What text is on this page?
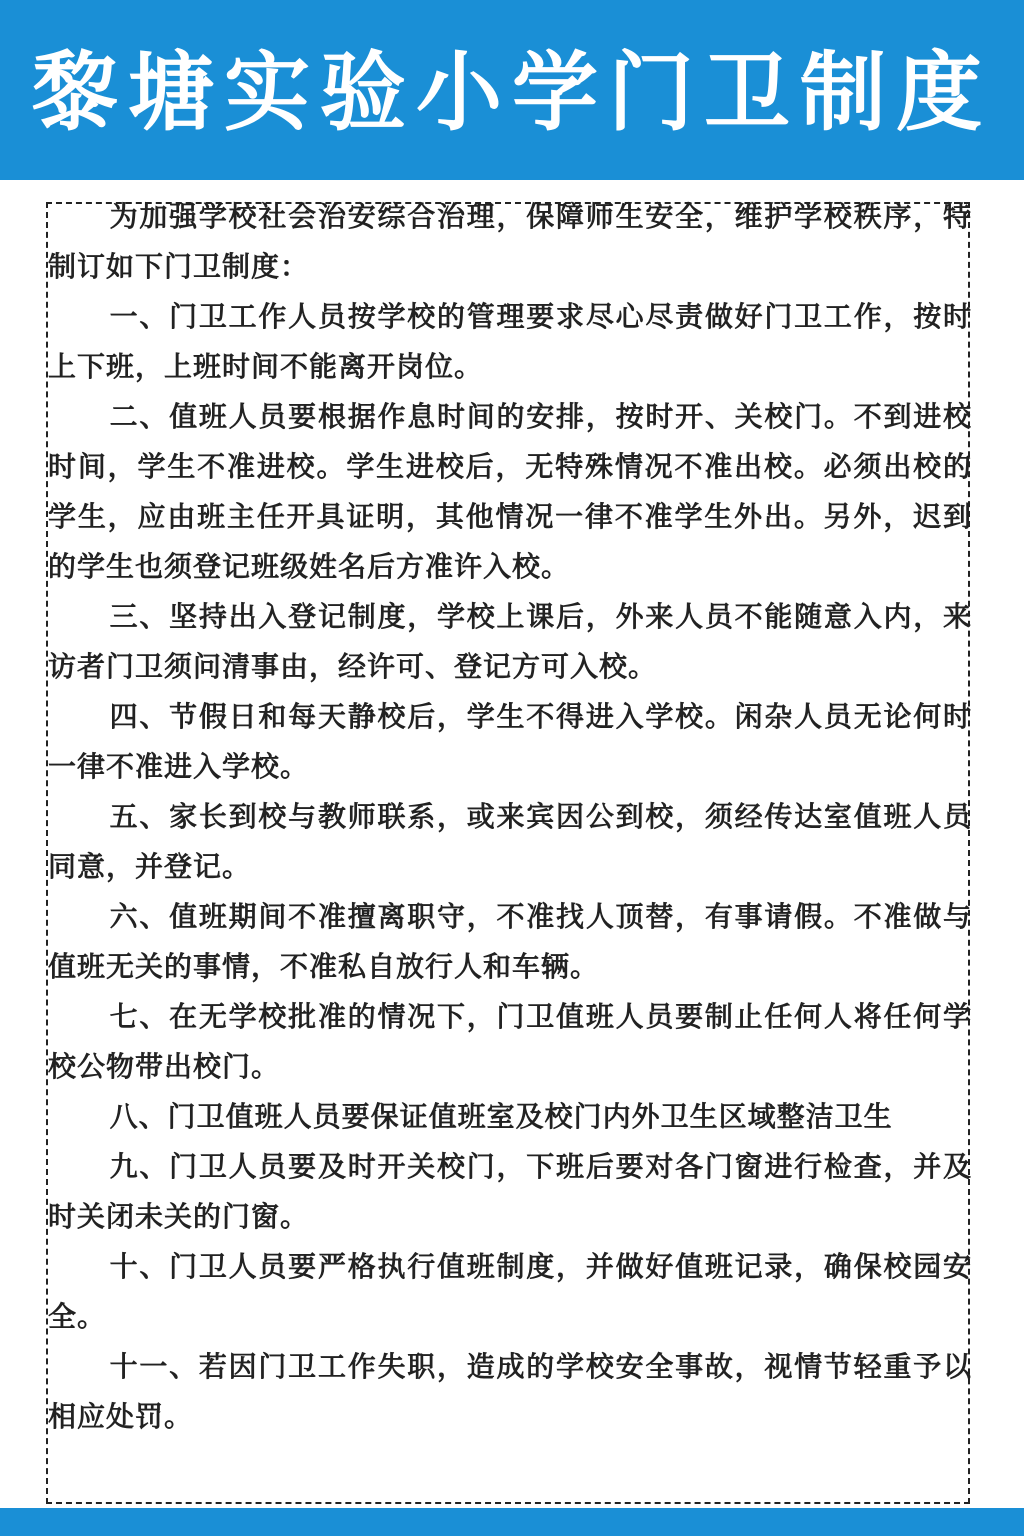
黎塘实验小学门卫制度

为加强学校社会治安综合治理，保障师生安全，维护学校秩序，特制订如下门卫制度：

一、门卫工作人员按学校的管理要求尽心尽责做好门卫工作，按时上下班，上班时间不能离开岗位。

二、值班人员要根据作息时间的安排，按时开、关校门。不到进校时间，学生不准进校。学生进校后，无特殊情况不准出校。必须出校的学生，应由班主任开具证明，其他情况一律不准学生外出。另外，迟到的学生也须登记班级姓名后方准许入校。

三、坚持出入登记制度，学校上课后，外来人员不能随意入内，来访者门卫须问清事由，经许可、登记方可入校。

四、节假日和每天静校后，学生不得进入学校。闲杂人员无论何时一律不准进入学校。

五、家长到校与教师联系，或来宾因公到校，须经传达室值班人员同意，并登记。

六、值班期间不准擅离职守，不准找人顶替，有事请假。不准做与值班无关的事情，不准私自放行人和车辆。

七、在无学校批准的情况下，门卫值班人员要制止任何人将任何学校公物带出校门。

八、门卫值班人员要保证值班室及校门内外卫生区域整洁卫生

九、门卫人员要及时开关校门，下班后要对各门窗进行检查，并及时关闭未关的门窗。

十、门卫人员要严格执行值班制度，并做好值班记录，确保校园安全。

十一、若因门卫工作失职，造成的学校安全事故，视情节轻重予以相应处罚。
